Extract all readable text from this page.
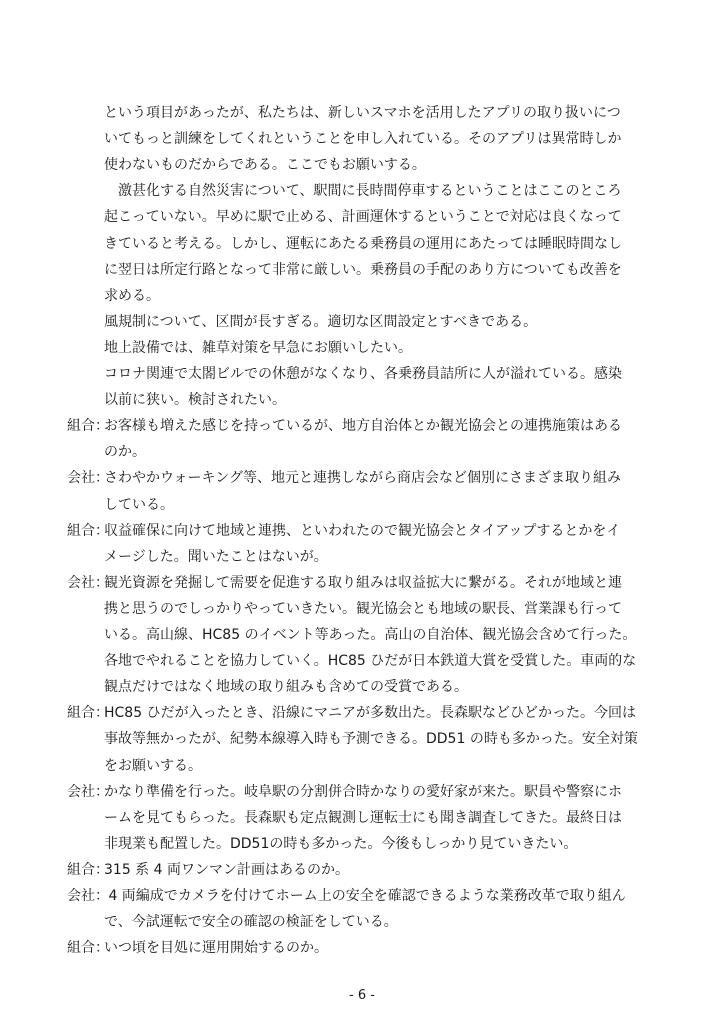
という項目があったが、私たちは、新しいスマホを活用したアプリの取り扱いにつ
いてもっと訓練をしてくれということを申し入れている。そのアプリは異常時しか
使わないものだからである。ここでもお願いする。
激甚化する自然災害について、駅間に長時間停車するということはここのところ
起こっていない。早めに駅で止める、計画運休するということで対応は良くなって
きていると考える。しかし、運転にあたる乗務員の運用にあたっては睡眠時間なし
に翌日は所定行路となって非常に厳しい。乗務員の手配のあり方についても改善を
求める。
風規制について、区間が長すぎる。適切な区間設定とすべきである。
地上設備では、雑草対策を早急にお願いしたい。
コロナ関連で太閤ビルでの休憩がなくなり、各乗務員詰所に人が溢れている。感染
以前に狭い。検討されたい。
組合：
お客様も増えた感じを持っているが、地方自治体とか観光協会との連携施策はある
のか。
会社：
さわやかウォーキング等、地元と連携しながら商店会など個別にさまざま取り組み
している。
組合：
収益確保に向けて地域と連携、といわれたので観光協会とタイアップするとかをイ
メージした。聞いたことはないが。
会社：
観光資源を発掘して需要を促進する取り組みは収益拡大に繋がる。それが地域と連
携と思うのでしっかりやっていきたい。観光協会とも地域の駅長、営業課も行って
いる。高山線、HC85 のイベント等あった。高山の自治体、観光協会含めて行った。
各地でやれることを協力していく。HC85 ひだが日本鉄道大賞を受賞した。車両的な
観点だけではなく地域の取り組みも含めての受賞である。
組合：
HC85 ひだが入ったとき、沿線にマニアが多数出た。長森駅などひどかった。今回は
事故等無かったが、紀勢本線導入時も予測できる。DD51 の時も多かった。安全対策
をお願いする。
会社：
かなり準備を行った。岐阜駅の分割併合時かなりの愛好家が来た。駅員や警察にホ
ームを見てもらった。長森駅も定点観測し運転士にも聞き調査してきた。最終日は
非現業も配置した。DD51の時も多かった。今後もしっかり見ていきたい。
組合：
315 系 4 両ワンマン計画はあるのか。
会社：
4 両編成でカメラを付けてホーム上の安全を確認できるような業務改革で取り組ん
で、今試運転で安全の確認の検証をしている。
組合：
いつ頃を目処に運用開始するのか。
- 6 -
